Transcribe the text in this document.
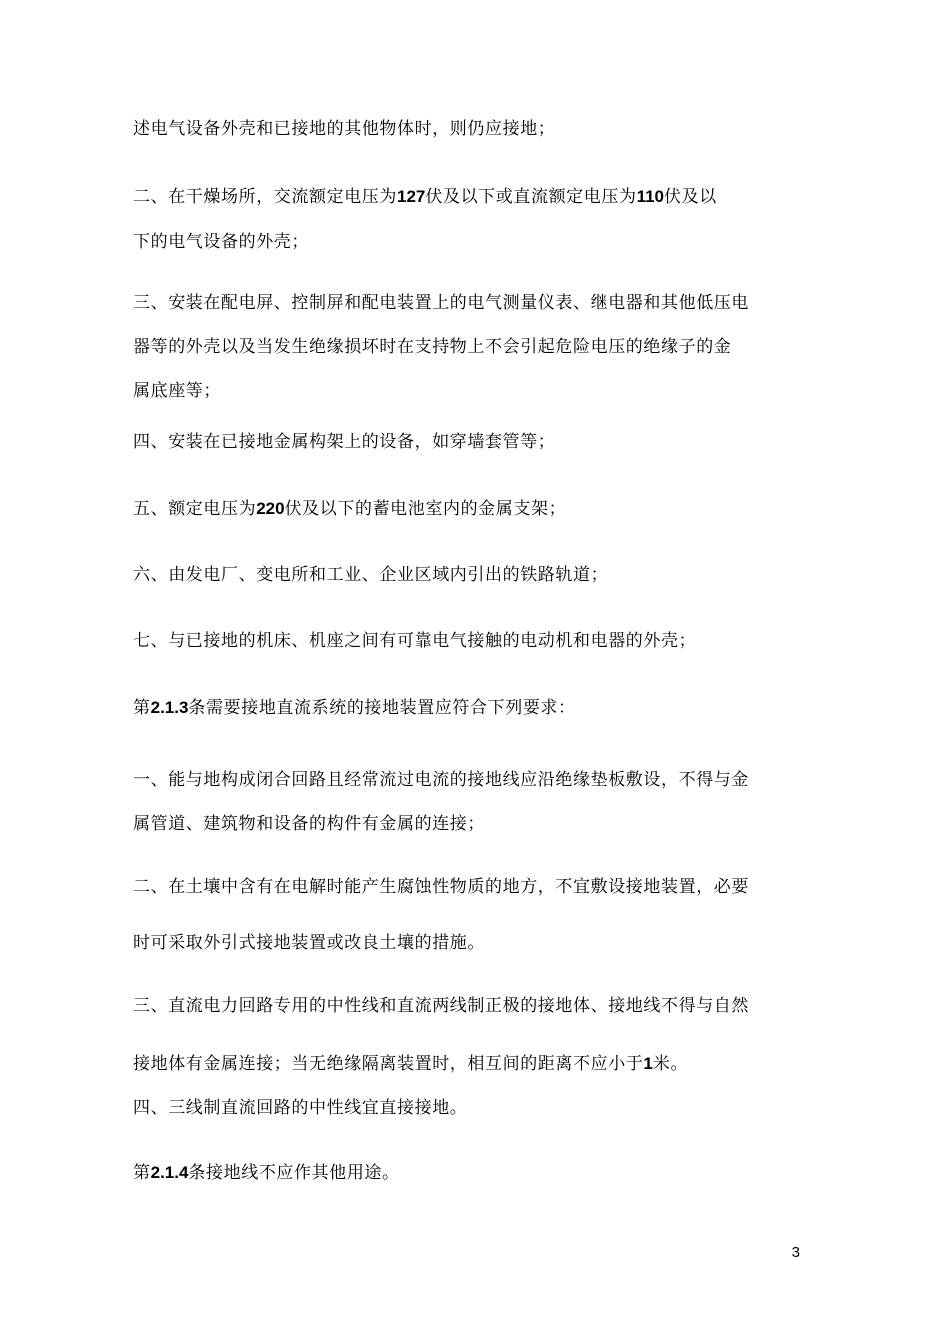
述电气设备外壳和已接地的其他物体时，则仍应接地；
二、在干燥场所，交流额定电压为127伏及以下或直流额定电压为110伏及以
下的电气设备的外壳；
三、安装在配电屏、控制屏和配电装置上的电气测量仪表、继电器和其他低压电
器等的外壳以及当发生绝缘损坏时在支持物上不会引起危险电压的绝缘子的金
属底座等；
四、安装在已接地金属构架上的设备，如穿墙套管等；
五、额定电压为220伏及以下的蓄电池室内的金属支架；
六、由发电厂、变电所和工业、企业区域内引出的铁路轨道；
七、与已接地的机床、机座之间有可靠电气接触的电动机和电器的外壳；
第2.1.3条需要接地直流系统的接地装置应符合下列要求：
一、能与地构成闭合回路且经常流过电流的接地线应沿绝缘垫板敷设，不得与金
属管道、建筑物和设备的构件有金属的连接；
二、在土壤中含有在电解时能产生腐蚀性物质的地方，不宜敷设接地装置，必要
时可采取外引式接地装置或改良土壤的措施。
三、直流电力回路专用的中性线和直流两线制正极的接地体、接地线不得与自然
接地体有金属连接；当无绝缘隔离装置时，相互间的距离不应小于1米。
四、三线制直流回路的中性线宜直接接地。
第2.1.4条接地线不应作其他用途。
3
